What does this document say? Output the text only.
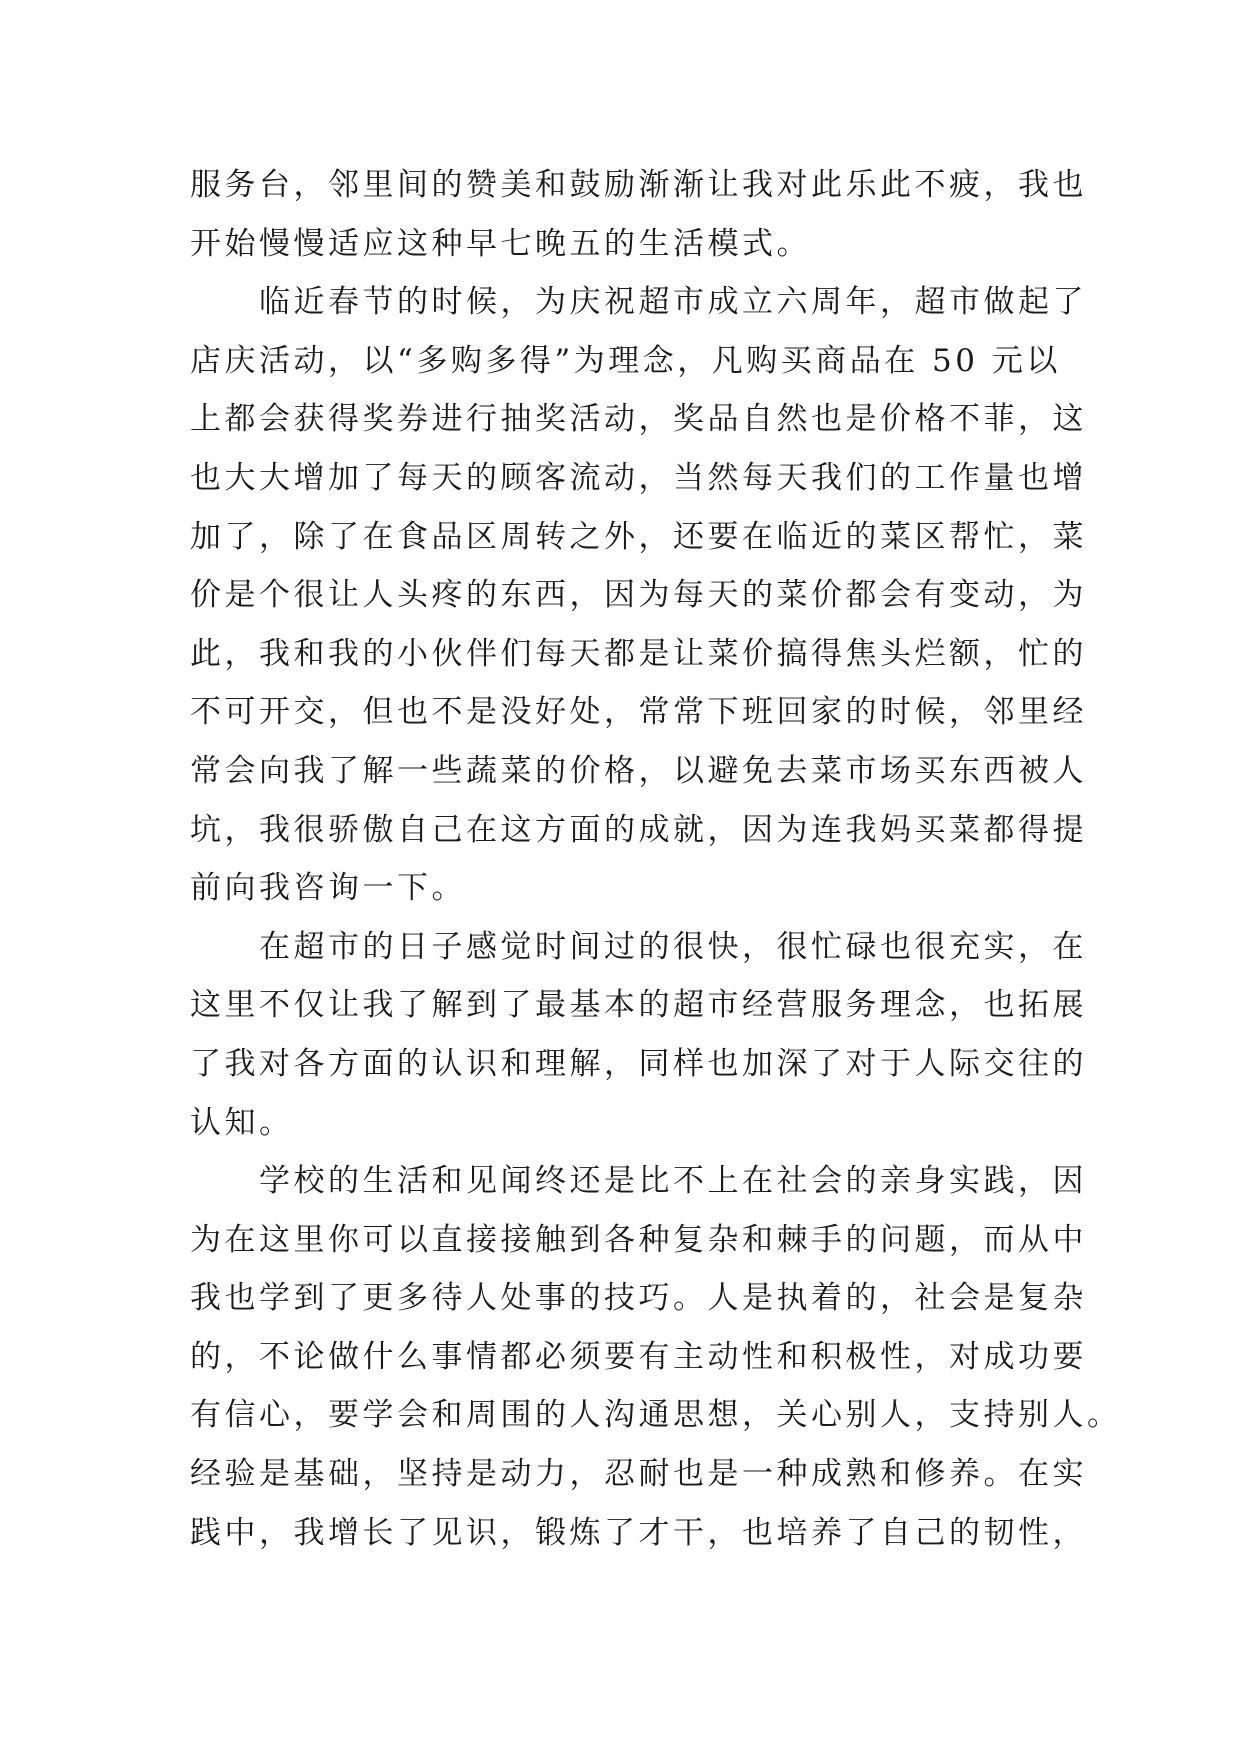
服务台，邻里间的赞美和鼓励渐渐让我对此乐此不疲，我也
开始慢慢适应这种早七晚五的生活模式。
　　临近春节的时候，为庆祝超市成立六周年，超市做起了
店庆活动，以“多购多得”为理念，凡购买商品在 50 元以
上都会获得奖券进行抽奖活动，奖品自然也是价格不菲，这
也大大增加了每天的顾客流动，当然每天我们的工作量也增
加了，除了在食品区周转之外，还要在临近的菜区帮忙，菜
价是个很让人头疼的东西，因为每天的菜价都会有变动，为
此，我和我的小伙伴们每天都是让菜价搞得焦头烂额，忙的
不可开交，但也不是没好处，常常下班回家的时候，邻里经
常会向我了解一些蔬菜的价格，以避免去菜市场买东西被人
坑，我很骄傲自己在这方面的成就，因为连我妈买菜都得提
前向我咨询一下。
　　在超市的日子感觉时间过的很快，很忙碌也很充实，在
这里不仅让我了解到了最基本的超市经营服务理念，也拓展
了我对各方面的认识和理解，同样也加深了对于人际交往的
认知。
　　学校的生活和见闻终还是比不上在社会的亲身实践，因
为在这里你可以直接接触到各种复杂和棘手的问题，而从中
我也学到了更多待人处事的技巧。人是执着的，社会是复杂
的，不论做什么事情都必须要有主动性和积极性，对成功要
有信心，要学会和周围的人沟通思想，关心别人，支持别人。
经验是基础，坚持是动力，忍耐也是一种成熟和修养。在实
践中，我增长了见识，锻炼了才干，也培养了自己的韧性，
